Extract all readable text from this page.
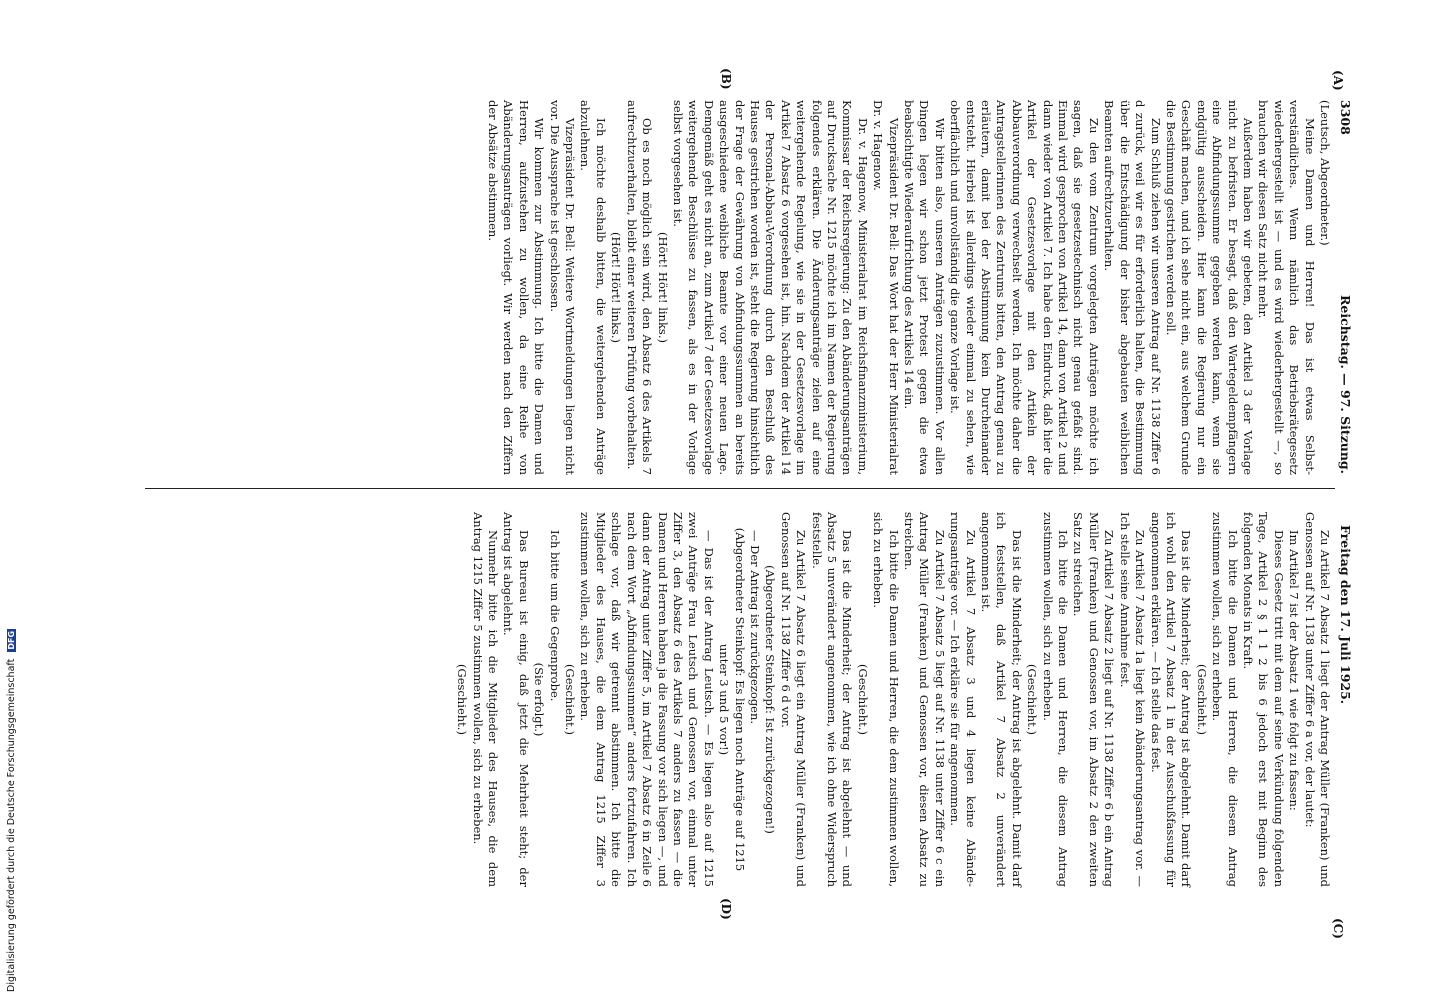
3308
Reichstag. — 97. Sitzung.
Freitag den 17. Juli 1925.
(A)
(B)
(C)
(D)

(Leutsch, Abgeordneter.)

Meine Damen und Herren! Das ist etwas Selbstverständliches. Wenn nämlich das Betriebsrätegesetz wiederhergestellt ist — und es wird wiederhergestellt —, so brauchen wir diesen Satz nicht mehr.

Außerdem haben wir gebeten, den Artikel 3 der Vorlage nicht zu befristen. Er besagt, daß den Wartegeldempfängern eine Abfindungssumme gegeben werden kann, wenn sie endgültig ausscheiden. Hier kann die Regierung nur ein Geschäft machen, und ich sehe nicht ein, aus welchem Grunde die Bestimmung gestrichen werden soll.

Zum Schluß ziehen wir unseren Antrag auf Nr. 1138 Ziffer 6 d zurück, weil wir es für erforderlich halten, die Bestimmung über die Entschädigung der bisher abgebauten weiblichen Beamten aufrechtzuerhalten.

Zu den vom Zentrum vorgelegten Anträgen möchte ich sagen, daß sie gesetzestechnisch nicht genau gefaßt sind. Einmal wird gesprochen von Artikel 14, dann von Artikel 2 und dann wieder von Artikel 7. Ich habe den Eindruck, daß hier die Artikel der Gesetzesvorlage mit den Artikeln der Abbauverordnung verwechselt werden. Ich möchte daher die Antragstellerinnen des Zentrums bitten, den Antrag genau zu erläutern, damit bei der Abstimmung kein Durcheinander entsteht. Hierbei ist allerdings wieder einmal zu sehen, wie oberflächlich und unvollständig die ganze Vorlage ist.

Wir bitten also, unseren Anträgen zuzustimmen. Vor allen Dingen legen wir schon jetzt Protest gegen die etwa beabsichtigte Wiederaufrichtung des Artikels 14 ein.

Vizepräsident Dr. Bell: Das Wort hat der Herr Ministerialrat Dr. v. Hagenow.

Dr. v. Hagenow, Ministerialrat im Reichsfinanzministerium, Kommissar der Reichsregierung: Zu den Abänderungsanträgen auf Drucksache Nr. 1215 möchte ich im Namen der Regierung folgendes erklären. Die Änderungsanträge zielen auf eine weitergehende Regelung, wie sie in der Gesetzesvorlage im Artikel 7 Absatz 6 vorgesehen ist, hin. Nachdem der Artikel 14 der Personal-Abbau-Verordnung durch den Beschluß des Hauses gestrichen worden ist, steht die Regierung hinsichtlich der Frage der Gewährung von Abfindungssummen an bereits ausgeschiedene weibliche Beamte vor einer neuen Lage. Demgemäß geht es nicht an, zum Artikel 7 der Gesetzesvorlage weitergehende Beschlüsse zu fassen, als es in der Vorlage selbst vorgesehen ist.

(Hört! Hört! links.)

Ob es noch möglich sein wird, den Absatz 6 des Artikels 7 aufrechtzuerhalten, bleibt einer weiteren Prüfung vorbehalten.

(Hört! Hört! links.)

Ich möchte deshalb bitten, die weitergehenden Anträge abzulehnen.

Vizepräsident Dr. Bell: Weitere Wortmeldungen liegen nicht vor. Die Aussprache ist geschlossen.

Wir kommen zur Abstimmung. Ich bitte die Damen und Herren, aufzustehen zu wollen, da eine Reihe von Abänderungsanträgen vorliegt. Wir werden nach den Ziffern der Absätze abstimmen.

Zu Artikel 7 Absatz 1 liegt der Antrag Müller (Franken) und Genossen auf Nr. 1138 unter Ziffer 6 a vor, der lautet:

Im Artikel 7 ist der Absatz 1 wie folgt zu fassen:

Dieses Gesetz tritt mit dem auf seine Verkündung folgenden Tage, Artikel 2 § 1 1 2 bis 6 jedoch erst mit Beginn des folgenden Monats in Kraft.

Ich bitte die Damen und Herren, die diesem Antrag zustimmen wollen, sich zu erheben.

(Geschieht.)

Das ist die Minderheit; der Antrag ist abgelehnt. Damit darf ich wohl den Artikel 7 Absatz 1 in der Ausschußfassung für angenommen erklären. — Ich stelle das fest.

Zu Artikel 7 Absatz 1a liegt kein Abänderungsantrag vor. — Ich stelle seine Annahme fest.

Zu Artikel 7 Absatz 2 liegt auf Nr. 1138 Ziffer 6 b ein Antrag Müller (Franken) und Genossen vor, im Absatz 2 den zweiten Satz zu streichen.

Ich bitte die Damen und Herren, die diesem Antrag zustimmen wollen, sich zu erheben.

(Geschieht.)

Das ist die Minderheit; der Antrag ist abgelehnt. Damit darf ich feststellen, daß Artikel 7 Absatz 2 unverändert angenommen ist.

Zu Artikel 7 Absatz 3 und 4 liegen keine Abänderungsanträge vor. — Ich erkläre sie für angenommen.

Zu Artikel 7 Absatz 5 liegt auf Nr. 1138 unter Ziffer 6 c ein Antrag Müller (Franken) und Genossen vor, diesen Absatz zu streichen.

Ich bitte die Damen und Herren, die dem zustimmen wollen, sich zu erheben.

(Geschieht.)

Das ist die Minderheit; der Antrag ist abgelehnt — und Absatz 5 unverändert angenommen, wie ich ohne Widerspruch feststelle.

Zu Artikel 7 Absatz 6 liegt ein Antrag Müller (Franken) und Genossen auf Nr. 1138 Ziffer 6 d vor.

(Abgeordneter Steinkopf: Ist zurückgezogen!)

— Der Antrag ist zurückgezogen.

(Abgeordneter Steinkopf: Es liegen noch Anträge auf 1215 unter 3 und 5 vor!)

— Das ist der Antrag Leutsch. — Es liegen also auf 1215 zwei Anträge Frau Leutsch und Genossen vor, einmal unter Ziffer 3, den Absatz 6 des Artikels 7 anders zu fassen — die Damen und Herren haben ja die Fassung vor sich liegen —, und dann der Antrag unter Ziffer 5, im Artikel 7 Absatz 6 in Zeile 6 nach dem Wort „Abfindungssummen“ anders fortzufahren. Ich schlage vor, daß wir getrennt abstimmen. Ich bitte die Mitglieder des Hauses, die dem Antrag 1215 Ziffer 3 zustimmen wollen, sich zu erheben.

(Geschieht.)

Ich bitte um die Gegenprobe.

(Sie erfolgt.)

Das Bureau ist einig, daß jetzt die Mehrheit steht; der Antrag ist abgelehnt.

Nunmehr bitte ich die Mitglieder des Hauses, die dem Antrag 1215 Ziffer 5 zustimmen wollen, sich zu erheben.

(Geschieht.)

Digitalisierung gefördert durch die Deutsche Forschungsgemeinschaft DFG
